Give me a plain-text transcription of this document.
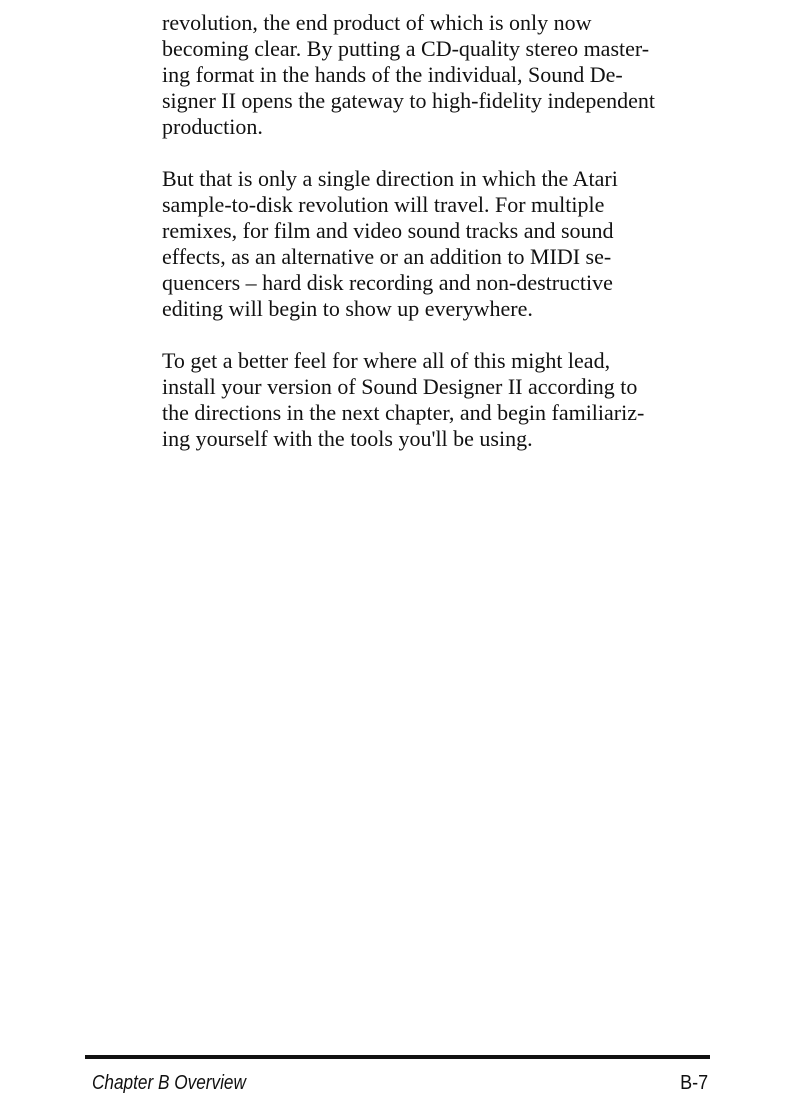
revolution, the end product of which is only now
becoming clear. By putting a CD-quality stereo master-
ing format in the hands of the individual, Sound De-
signer II opens the gateway to high-fidelity independent
production.

But that is only a single direction in which the Atari
sample-to-disk revolution will travel. For multiple
remixes, for film and video sound tracks and sound
effects, as an alternative or an addition to MIDI se-
quencers – hard disk recording and non-destructive
editing will begin to show up everywhere.

To get a better feel for where all of this might lead,
install your version of Sound Designer II according to
the directions in the next chapter, and begin familiariz-
ing yourself with the tools you'll be using.

Chapter B Overview	B-7
